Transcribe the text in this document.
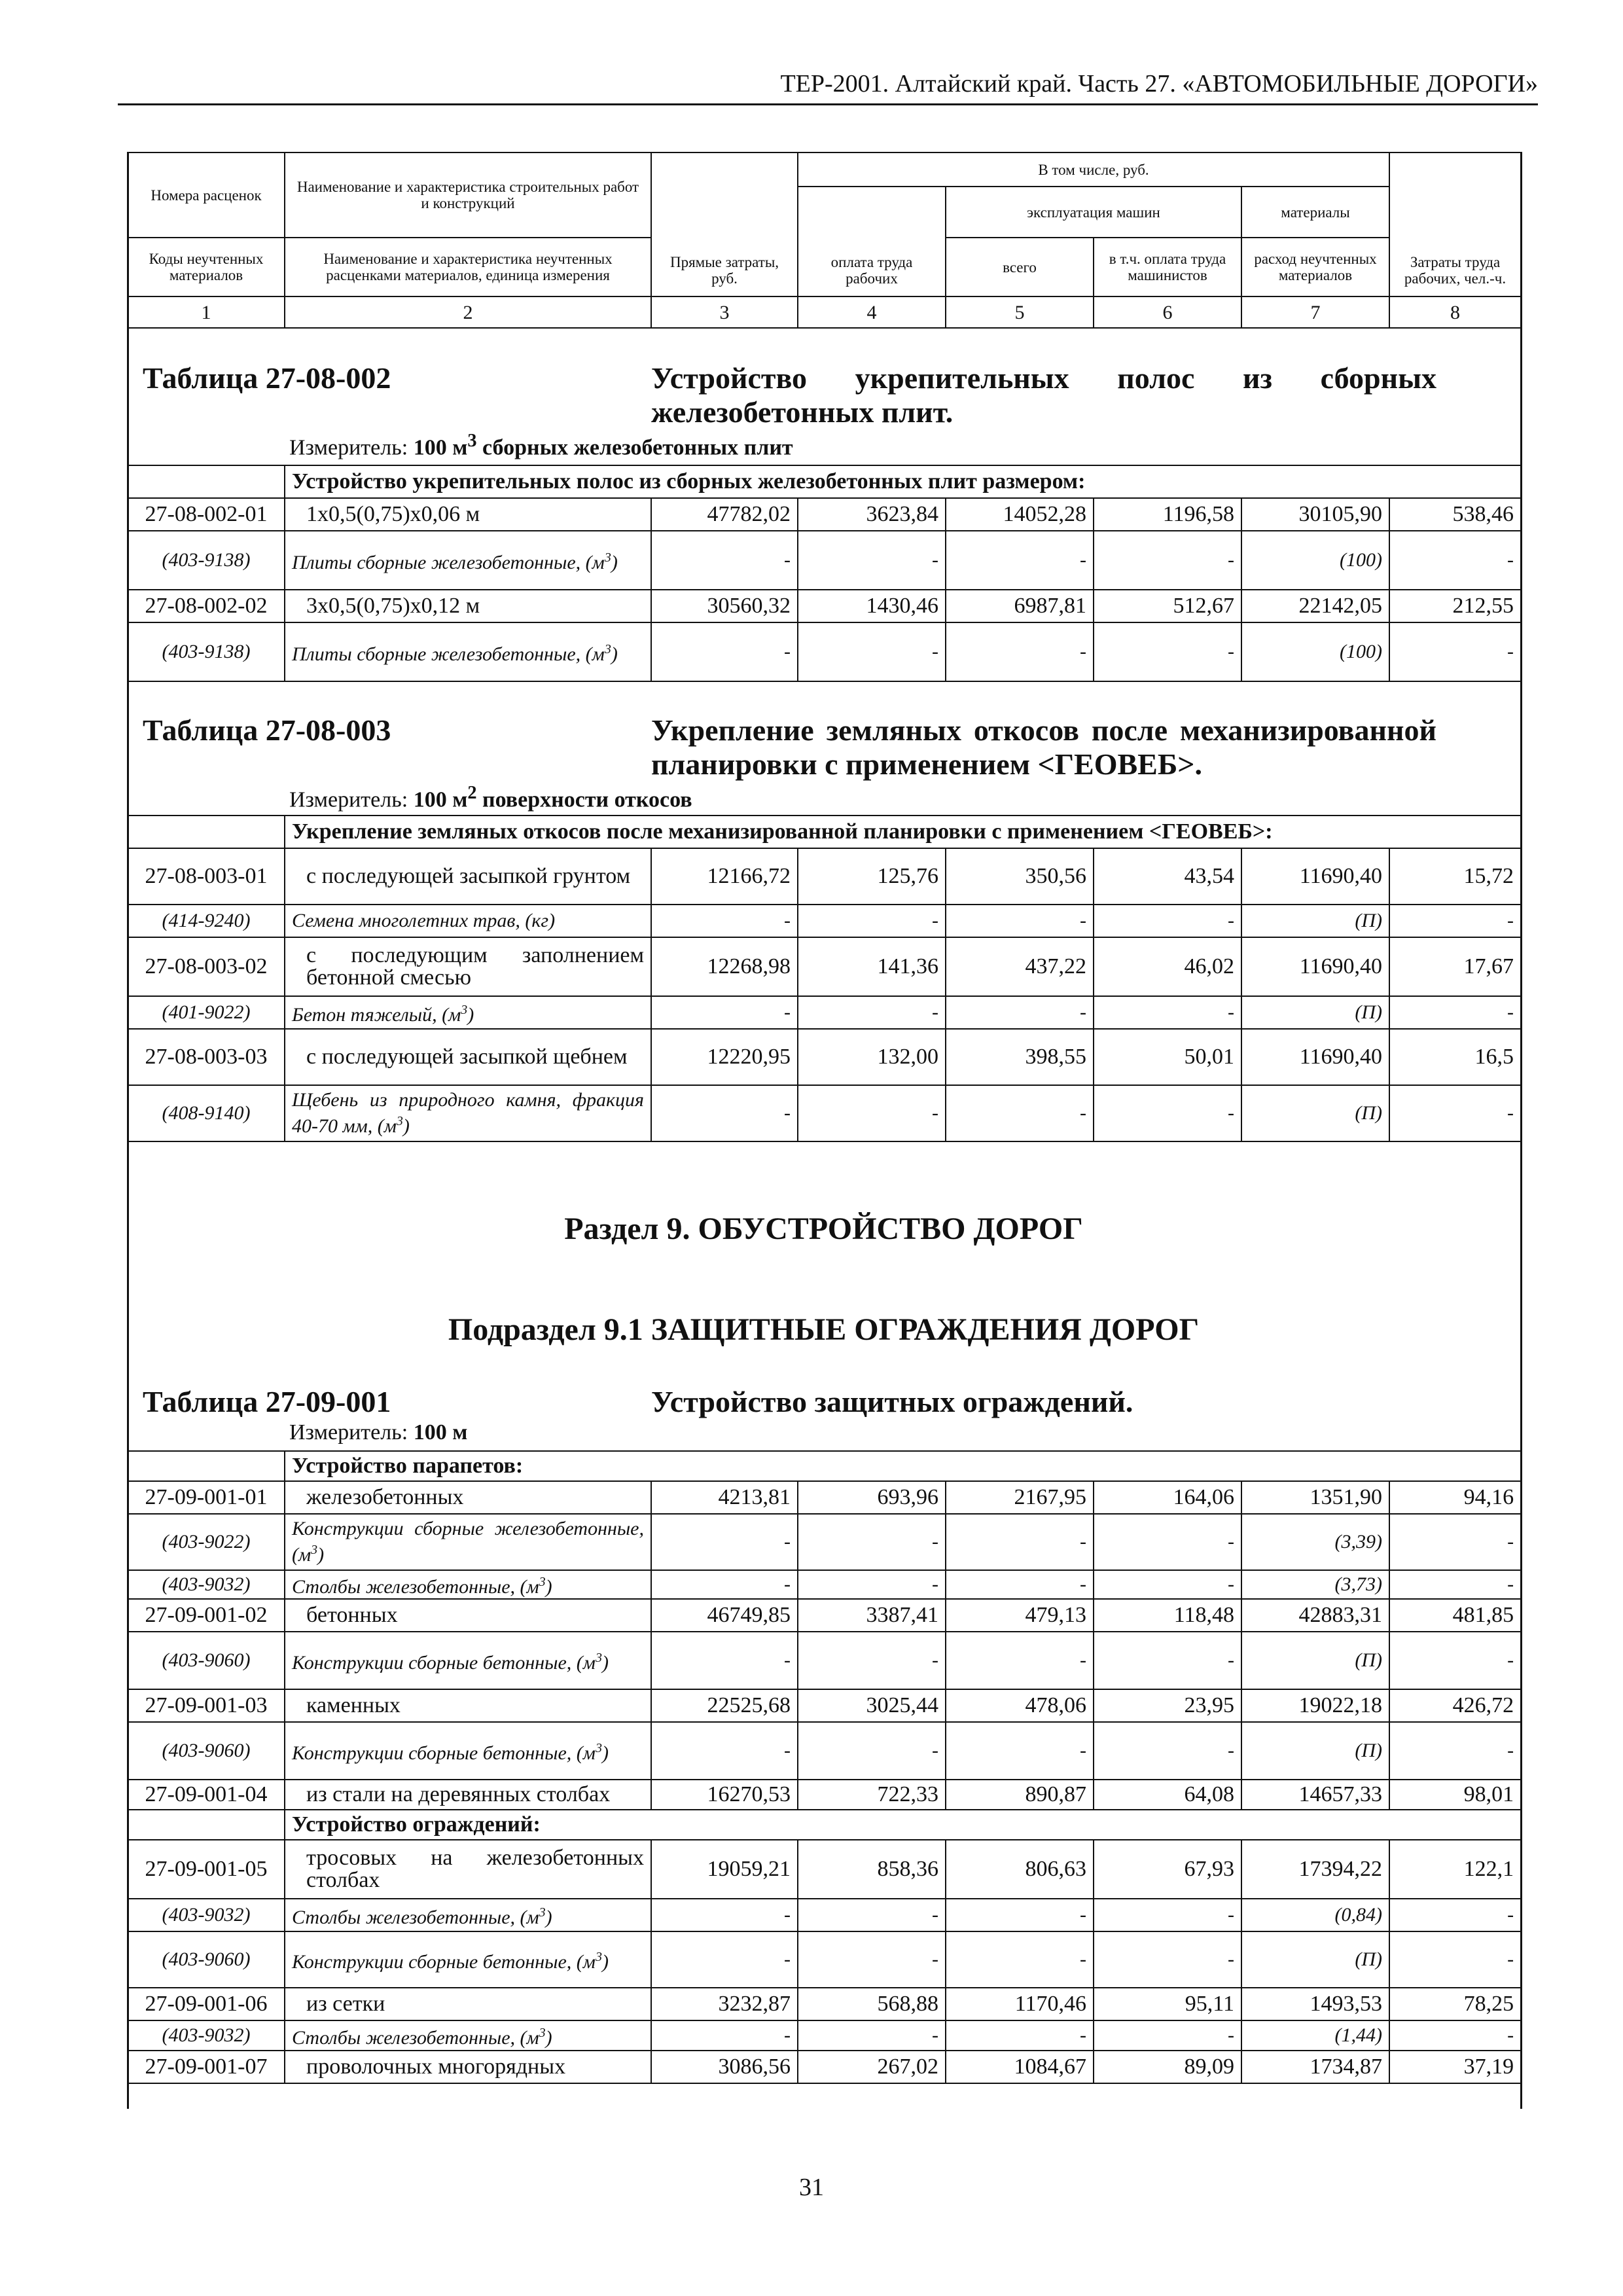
ТЕР-2001. Алтайский край. Часть 27. «АВТОМОБИЛЬНЫЕ ДОРОГИ»
Номера расценок	Наименование и характеристика строительных работ и конструкций	Прямые затраты, руб.	В том числе, руб.				Затраты труда рабочих, чел.-ч.
			оплата труда рабочих	эксплуатация машин		материалы	
Коды неучтенных материалов	Наименование и характеристика неучтенных расценками материалов, единица измерения			всего	в т.ч. оплата труда машинистов	расход неучтенных материалов	
1	2	3	4	5	6	7	8
Таблица 27-08-002	Устройство укрепительных полос из сборных железобетонных плит.
Измеритель: 100 $м^3$ сборных железобетонных плит
	Устройство укрепительных полос из сборных железобетонных плит размером:						
27-08-002-01	1х0,5(0,75)х0,06 м	47782,02	3623,84	14052,28	1196,58	30105,90	538,46
(403-9138)	Плиты сборные железобетонные, $(м^3)$	-	-	-	-	(100)	-
27-08-002-02	3х0,5(0,75)х0,12 м	30560,32	1430,46	6987,81	512,67	22142,05	212,55
(403-9138)	Плиты сборные железобетонные, $(м^3)$	-	-	-	-	(100)	-
Таблица 27-08-003	Укрепление земляных откосов после механизированной планировки с применением <ГЕОВЕБ>.
Измеритель: 100 $м^2$ поверхности откосов
	Укрепление земляных откосов после механизированной планировки с применением <ГЕОВЕБ>:						
27-08-003-01	с последующей засыпкой грунтом	12166,72	125,76	350,56	43,54	11690,40	15,72
(414-9240)	Семена многолетних трав, (кг)	-	-	-	-	(П)	-
27-08-003-02	с последующим заполнением бетонной смесью	12268,98	141,36	437,22	46,02	11690,40	17,67
(401-9022)	Бетон тяжелый, $(м^3)$	-	-	-	-	(П)	-
27-08-003-03	с последующей засыпкой щебнем	12220,95	132,00	398,55	50,01	11690,40	16,5
(408-9140)	Щебень из природного камня, фракция 40-70 мм, $(м^3)$	-	-	-	-	(П)	-
Раздел 9. ОБУСТРОЙСТВО ДОРОГ
Подраздел 9.1 ЗАЩИТНЫЕ ОГРАЖДЕНИЯ ДОРОГ
Таблица 27-09-001	Устройство защитных ограждений.
Измеритель: 100 м
	Устройство парапетов:						
27-09-001-01	железобетонных	4213,81	693,96	2167,95	164,06	1351,90	94,16
(403-9022)	Конструкции сборные железобетонные, $(м^3)$	-	-	-	-	(3,39)	-
(403-9032)	Столбы железобетонные, $(м^3)$	-	-	-	-	(3,73)	-
27-09-001-02	бетонных	46749,85	3387,41	479,13	118,48	42883,31	481,85
(403-9060)	Конструкции сборные бетонные, $(м^3)$	-	-	-	-	(П)	-
27-09-001-03	каменных	22525,68	3025,44	478,06	23,95	19022,18	426,72
(403-9060)	Конструкции сборные бетонные, $(м^3)$	-	-	-	-	(П)	-
27-09-001-04	из стали на деревянных столбах	16270,53	722,33	890,87	64,08	14657,33	98,01
	Устройство ограждений:						
27-09-001-05	тросовых на железобетонных столбах	19059,21	858,36	806,63	67,93	17394,22	122,1
(403-9032)	Столбы железобетонные, $(м^3)$	-	-	-	-	(0,84)	-
(403-9060)	Конструкции сборные бетонные, $(м^3)$	-	-	-	-	(П)	-
27-09-001-06	из сетки	3232,87	568,88	1170,46	95,11	1493,53	78,25
(403-9032)	Столбы железобетонные, $(м^3)$	-	-	-	-	(1,44)	-
27-09-001-07	проволочных многорядных	3086,56	267,02	1084,67	89,09	1734,87	37,19
31
